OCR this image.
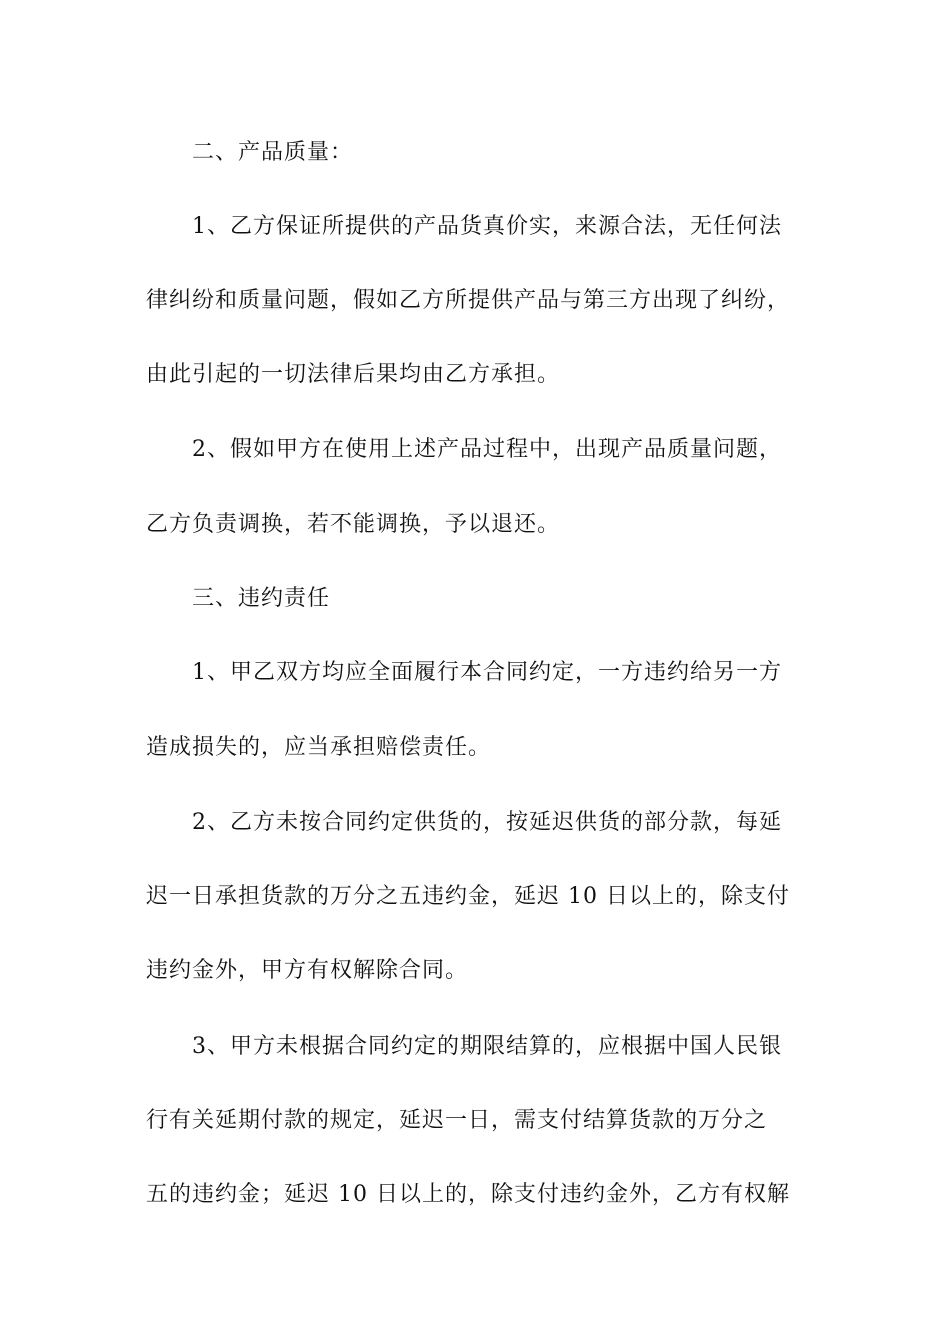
二、产品质量：
1、乙方保证所提供的产品货真价实，来源合法，无任何法
律纠纷和质量问题，假如乙方所提供产品与第三方出现了纠纷，
由此引起的一切法律后果均由乙方承担。
2、假如甲方在使用上述产品过程中，出现产品质量问题，
乙方负责调换，若不能调换，予以退还。
三、违约责任
1、甲乙双方均应全面履行本合同约定，一方违约给另一方
造成损失的，应当承担赔偿责任。
2、乙方未按合同约定供货的，按延迟供货的部分款，每延
迟一日承担货款的万分之五违约金，延迟 10 日以上的，除支付
违约金外，甲方有权解除合同。
3、甲方未根据合同约定的期限结算的，应根据中国人民银
行有关延期付款的规定，延迟一日，需支付结算货款的万分之
五的违约金；延迟 10 日以上的，除支付违约金外，乙方有权解
